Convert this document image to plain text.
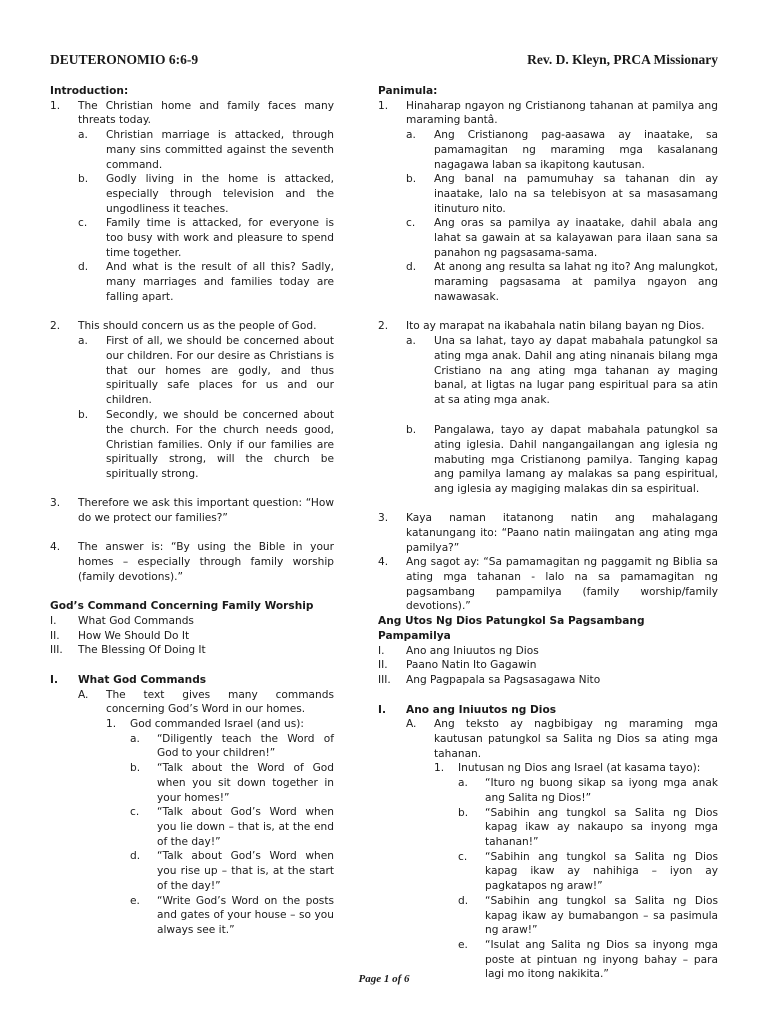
DEUTERONOMIO 6:6-9	Rev. D. Kleyn, PRCA Missionary
Introduction:
1.	The Christian home and family faces many threats today.
a.	Christian marriage is attacked, through many sins committed against the seventh command.
b.	Godly living in the home is attacked, especially through television and the ungodliness it teaches.
c.	Family time is attacked, for everyone is too busy with work and pleasure to spend time together.
d.	And what is the result of all this? Sadly, many marriages and families today are falling apart.
2.	This should concern us as the people of God.
a.	First of all, we should be concerned about our children. For our desire as Christians is that our homes are godly, and thus spiritually safe places for us and our children.
b.	Secondly, we should be concerned about the church. For the church needs good, Christian families. Only if our families are spiritually strong, will the church be spiritually strong.
3.	Therefore we ask this important question: “How do we protect our families?”
4.	The answer is: “By using the Bible in your homes – especially through family worship (family devotions).”
God’s Command Concerning Family Worship
I.	What God Commands
II.	How We Should Do It
III.	The Blessing Of Doing It
I.	What God Commands
A.	The text gives many commands concerning God’s Word in our homes.
1.	God commanded Israel (and us):
a.	“Diligently teach the Word of God to your children!”
b.	“Talk about the Word of God when you sit down together in your homes!”
c.	“Talk about God’s Word when you lie down – that is, at the end of the day!”
d.	“Talk about God’s Word when you rise up – that is, at the start of the day!”
e.	“Write God’s Word on the posts and gates of your house – so you always see it.”
Panimula:
1.	Hinaharap ngayon ng Cristianong tahanan at pamilya ang maraming bantâ.
a.	Ang Cristianong pag-aasawa ay inaatake, sa pamamagitan ng maraming mga kasalanang nagagawa laban sa ikapitong kautusan.
b.	Ang banal na pamumuhay sa tahanan din ay inaatake, lalo na sa telebisyon at sa masasamang itinuturo nito.
c.	Ang oras sa pamilya ay inaatake, dahil abala ang lahat sa gawain at sa kalayawan para ilaan sana sa panahon ng pagsasama-sama.
d.	At anong ang resulta sa lahat ng ito? Ang malungkot, maraming pagsasama at pamilya ngayon ang nawawasak.
2.	Ito ay marapat na ikabahala natin bilang bayan ng Dios.
a.	Una sa lahat, tayo ay dapat mabahala patungkol sa ating mga anak. Dahil ang ating ninanais bilang mga Cristiano na ang ating mga tahanan ay maging banal, at ligtas na lugar pang espiritual para sa atin at sa ating mga anak.
b.	Pangalawa, tayo ay dapat mabahala patungkol sa ating iglesia. Dahil nangangailangan ang iglesia ng mabuting mga Cristianong pamilya. Tanging kapag ang pamilya lamang ay malakas sa pang espiritual, ang iglesia ay magiging malakas din sa espiritual.
3.	Kaya naman itatanong natin ang mahalagang katanungang ito: “Paano natin maiingatan ang ating mga pamilya?”
4.	Ang sagot ay: “Sa pamamagitan ng paggamit ng Biblia sa ating mga tahanan - lalo na sa pamamagitan ng pagsambang pampamilya (family worship/family devotions).”
Ang Utos Ng Dios Patungkol Sa Pagsambang Pampamilya
I.	Ano ang Iniuutos ng Dios
II.	Paano Natin Ito Gagawin
III.	Ang Pagpapala sa Pagsasagawa Nito
I.	Ano ang Iniuutos ng Dios
A.	Ang teksto ay nagbibigay ng maraming mga kautusan patungkol sa Salita ng Dios sa ating mga tahanan.
1.	Inutusan ng Dios ang Israel (at kasama tayo):
a.	“Ituro ng buong sikap sa iyong mga anak ang Salita ng Dios!”
b.	“Sabihin ang tungkol sa Salita ng Dios kapag ikaw ay nakaupo sa inyong mga tahanan!”
c.	“Sabihin ang tungkol sa Salita ng Dios kapag ikaw ay nahihiga – iyon ay pagkatapos ng araw!”
d.	“Sabihin ang tungkol sa Salita ng Dios kapag ikaw ay bumabangon – sa pasimula ng araw!”
e.	“Isulat ang Salita ng Dios sa inyong mga poste at pintuan ng inyong bahay – para lagi mo itong nakikita.”
Page 1 of 6
